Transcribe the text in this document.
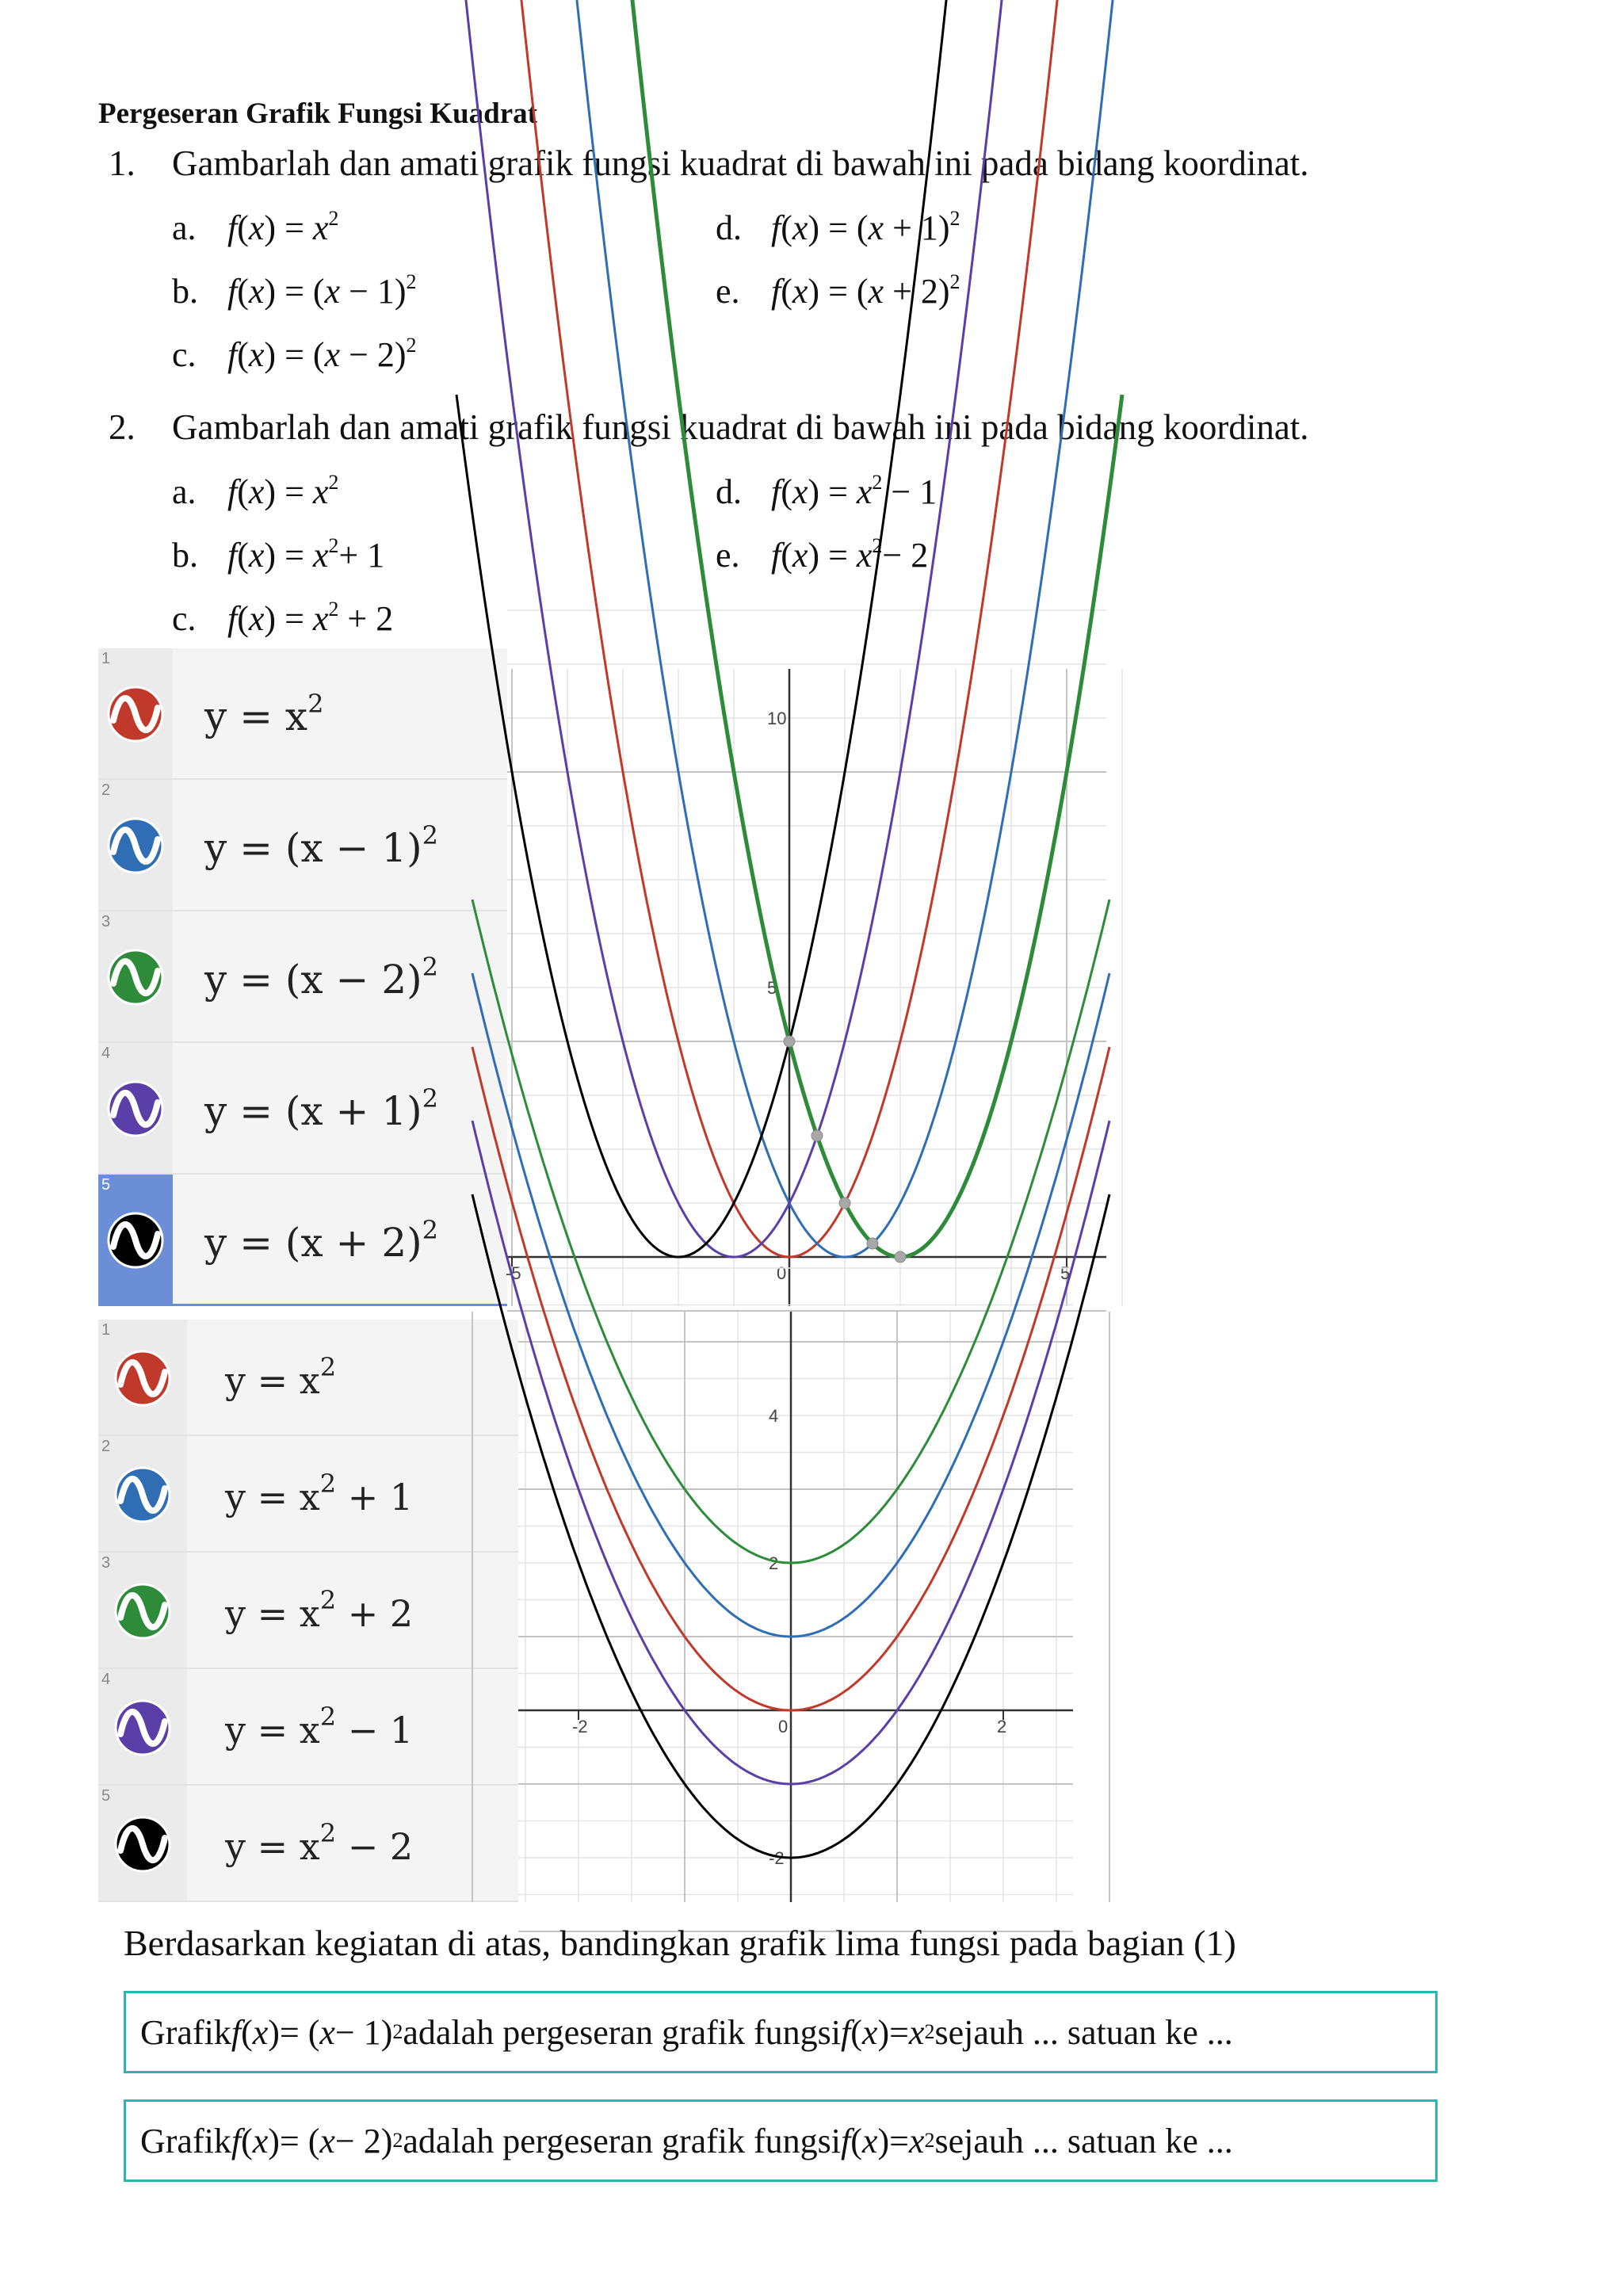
Pergeseran Grafik Fungsi Kuadrat
1. Gambarlah dan amati grafik fungsi kuadrat di bawah ini pada bidang koordinat.
a. $f(x) = x^2$
b. $f(x) = (x - 1)^2$
c. $f(x) = (x - 2)^2$
d. $f(x) = (x + 1)^2$
e. $f(x) = (x + 2)^2$
2. Gambarlah dan amati grafik fungsi kuadrat di bawah ini pada bidang koordinat.
a. $f(x) = x^2$
b. $f(x) = x^2+ 1$
c. $f(x) = x^2 + 2$
d. $f(x) = x^2 - 1$
e. $f(x) = x^2- 2$
1
$y = x^2$
2
$y = (x - 1)^2$
3
$y = (x - 2)^2$
4
$y = (x + 1)^2$
5
$y = (x + 2)^2$
-5	0	5
10
5
1
$y = x^2$
2
$y = x^2 + 1$
3
$y = x^2 + 2$
4
$y = x^2 - 1$
5
$y = x^2 - 2$
-2	0	2
4
2
-2
Berdasarkan kegiatan di atas, bandingkan grafik lima fungsi pada bagian (1)
Grafik f ( x ) = ( x − 1) 2 adalah pergeseran grafik fungsi f ( x ) = x 2 sejauh ... satuan ke ...
Grafik f ( x ) = ( x − 2) 2 adalah pergeseran grafik fungsi f ( x ) = x 2 sejauh ... satuan ke ...
